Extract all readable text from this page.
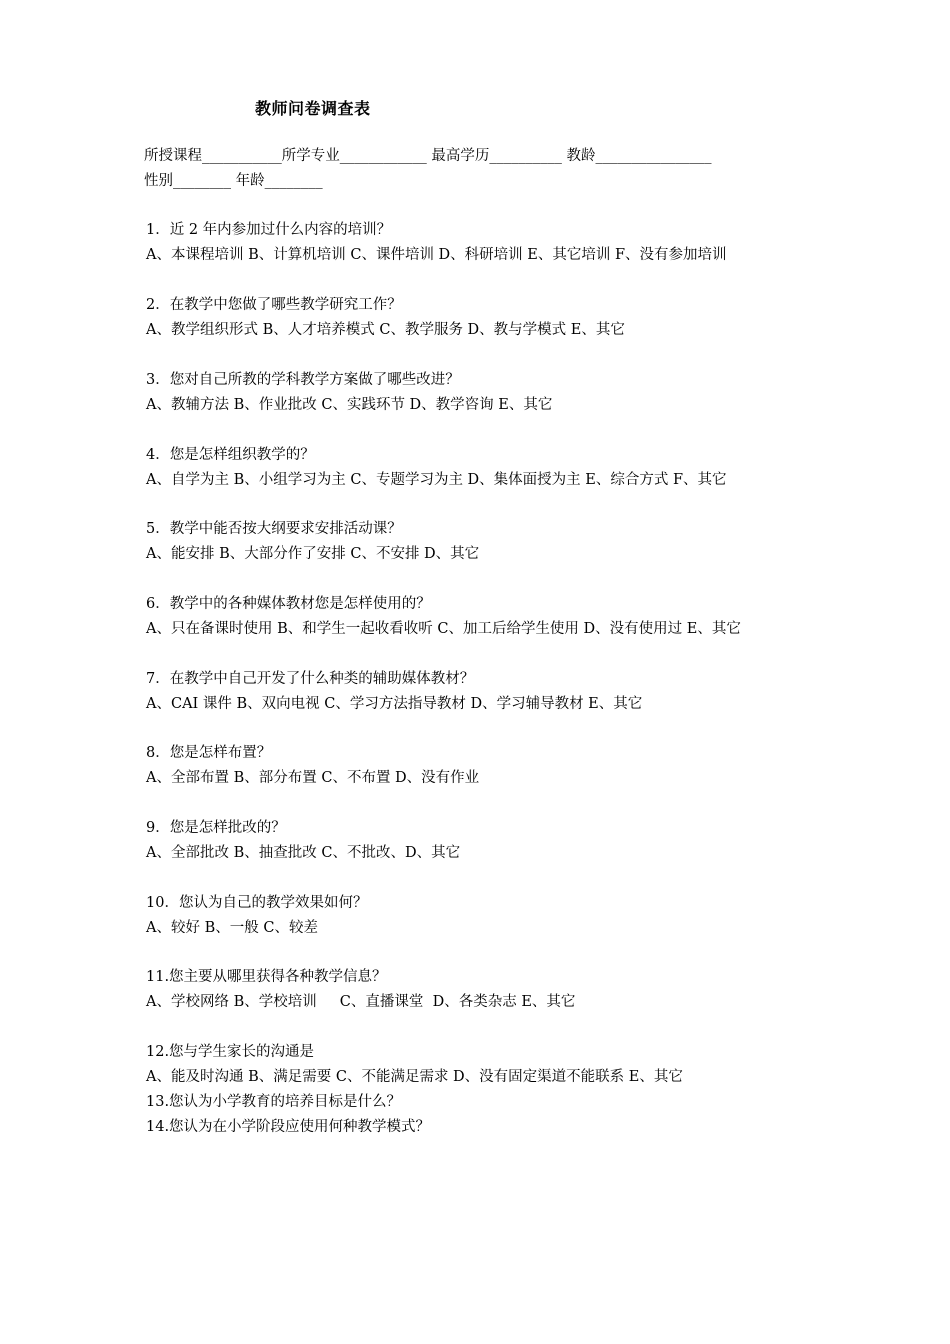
教师问卷调查表
所授课程___________所学专业____________ 最高学历__________ 教龄________________
性别________ 年龄________
1．近 2 年内参加过什么内容的培训？
A、本课程培训 B、计算机培训 C、课件培训 D、科研培训 E、其它培训 F、没有参加培训
2．在教学中您做了哪些教学研究工作？
A、教学组织形式 B、人才培养模式 C、教学服务 D、教与学模式 E、其它
3．您对自己所教的学科教学方案做了哪些改进？
A、教辅方法 B、作业批改 C、实践环节 D、教学咨询 E、其它
4．您是怎样组织教学的？
A、自学为主 B、小组学习为主 C、专题学习为主 D、集体面授为主 E、综合方式 F、其它
5．教学中能否按大纲要求安排活动课？
A、能安排 B、大部分作了安排 C、不安排 D、其它
6．教学中的各种媒体教材您是怎样使用的？
A、只在备课时使用 B、和学生一起收看收听 C、加工后给学生使用 D、没有使用过 E、其它
7．在教学中自己开发了什么种类的辅助媒体教材？
A、CAI 课件 B、双向电视 C、学习方法指导教材 D、学习辅导教材 E、其它
8．您是怎样布置？
A、全部布置 B、部分布置 C、不布置 D、没有作业
9．您是怎样批改的？
A、全部批改 B、抽查批改 C、不批改、D、其它
10．您认为自己的教学效果如何？
A、较好 B、一般 C、较差
11.您主要从哪里获得各种教学信息？
A、学校网络 B、学校培训     C、直播课堂  D、各类杂志 E、其它
12.您与学生家长的沟通是
A、能及时沟通 B、满足需要 C、不能满足需求 D、没有固定渠道不能联系 E、其它
13.您认为小学教育的培养目标是什么？
14.您认为在小学阶段应使用何种教学模式？
